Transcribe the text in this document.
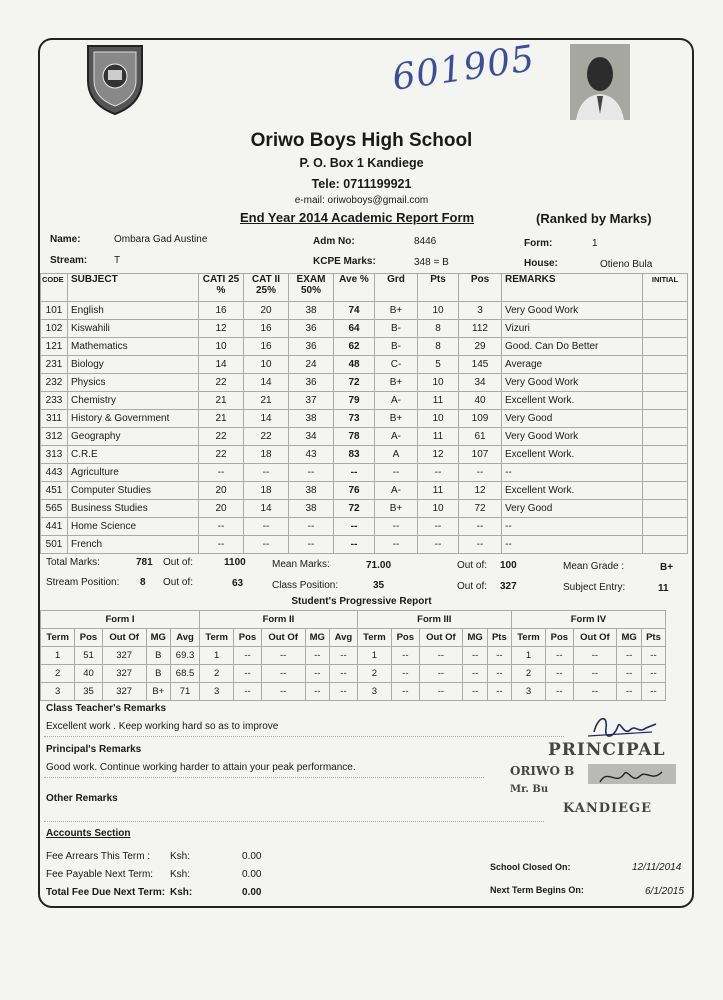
601905
Oriwo Boys High School
P. O. Box 1 Kandiege
Tele: 0711199921
e-mail: oriwoboys@gmail.com
End Year 2014 Academic Report Form	(Ranked by Marks)
Name:	Ombara Gad Austine	Adm No:	8446	Form:	1
Stream:	T	KCPE Marks:	348 = B	House:	Otieno Bula
CODE	SUBJECT	CATI 25 %	CAT II 25%	EXAM 50%	Ave %	Grd	Pts	Pos	REMARKS	INITIAL
101	English	16	20	38	74	B+	10	3	Very Good Work	
102	Kiswahili	12	16	36	64	B-	8	112	Vizuri	
121	Mathematics	10	16	36	62	B-	8	29	Good. Can Do Better	
231	Biology	14	10	24	48	C-	5	145	Average	
232	Physics	22	14	36	72	B+	10	34	Very Good Work	
233	Chemistry	21	21	37	79	A-	11	40	Excellent Work.	
311	History & Government	21	14	38	73	B+	10	109	Very Good	
312	Geography	22	22	34	78	A-	11	61	Very Good Work	
313	C.R.E	22	18	43	83	A	12	107	Excellent Work.	
443	Agriculture	--	--	--	--	--	--	--	--	
451	Computer Studies	20	18	38	76	A-	11	12	Excellent Work.	
565	Business Studies	20	14	38	72	B+	10	72	Very Good	
441	Home Science	--	--	--	--	--	--	--	--	
501	French	--	--	--	--	--	--	--	--	
Total Marks:	781 Out of:	1100	Mean Marks:	71.00	Out of: 100	Mean Grade :	B+
Stream Position: 8 Out of:	63	Class Position:	35	Out of: 327	Subject Entry:	11
Student's Progressive Report
Form I					Form II					Form III					Form IV				
Term	Pos	Out Of	MG	Avg	Term	Pos	Out Of	MG	Avg	Term	Pos	Out Of	MG	Pts	Term	Pos	Out Of	MG	Pts
1	51	327	B	69.3	1	--	--	--	--	1	--	--	--	--	1	--	--	--	--
2	40	327	B	68.5	2	--	--	--	--	2	--	--	--	--	2	--	--	--	--
3	35	327	B+	71	3	--	--	--	--	3	--	--	--	--	3	--	--	--	--
Class Teacher's Remarks
Excellent work . Keep working hard so as to improve
Principal's Remarks
Good work. Continue working harder to attain your peak performance.
PRINCIPAL
ORIWO B
Mr. Bu
KANDIEGE
Other Remarks
Accounts Section
Fee Arrears This Term : Ksh:	0.00
Fee Payable Next Term: Ksh:	0.00
Total Fee Due Next Term: Ksh:	0.00
School Closed On:	12/11/2014
Next Term Begins On:	6/1/2015
